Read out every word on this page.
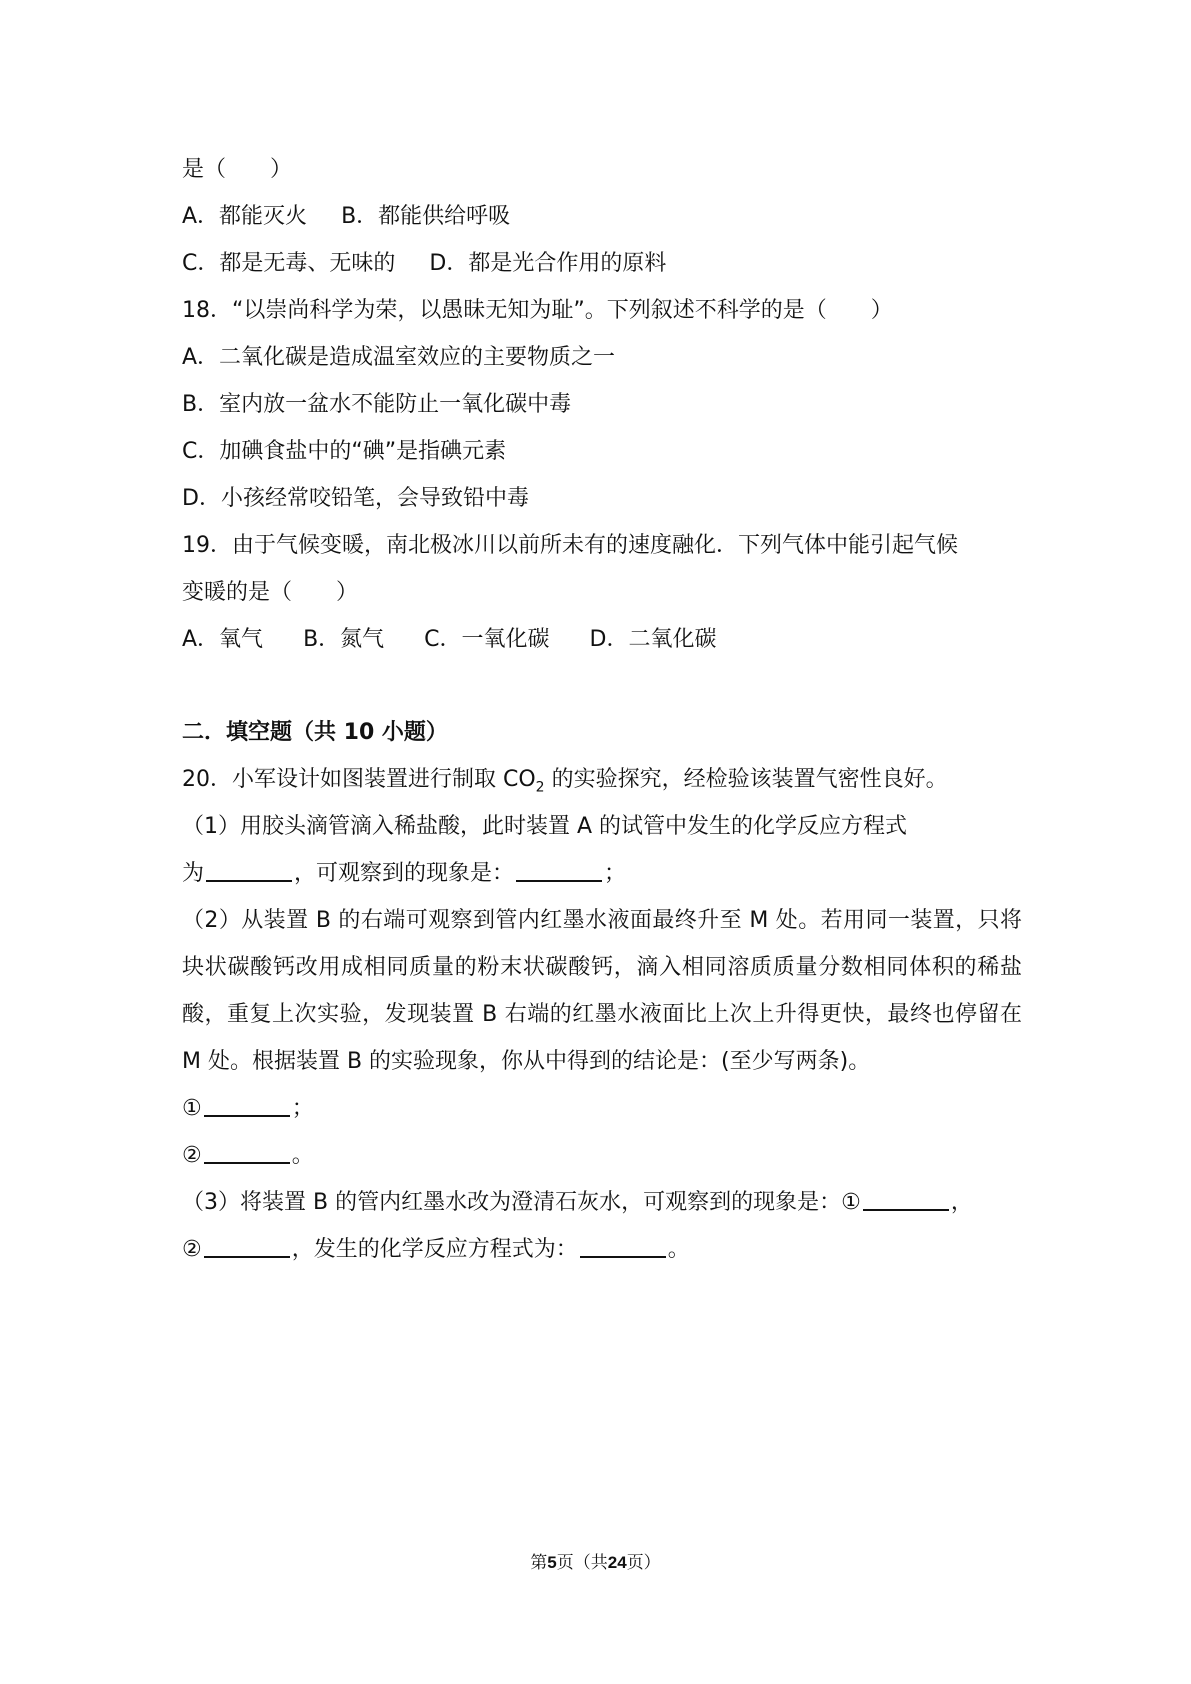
是（　　）
A．都能灭火 B．都能供给呼吸
C．都是无毒、无味的 D．都是光合作用的原料
18．“以崇尚科学为荣，以愚昧无知为耻”。下列叙述不科学的是（　　）
A．二氧化碳是造成温室效应的主要物质之一
B．室内放一盆水不能防止一氧化碳中毒
C．加碘食盐中的“碘”是指碘元素
D．小孩经常咬铅笔，会导致铅中毒
19．由于气候变暖，南北极冰川以前所未有的速度融化．下列气体中能引起气候
变暖的是（　　）
A．氧气 B．氮气 C．一氧化碳 D．二氧化碳
二．填空题（共 10 小题）
20．小军设计如图装置进行制取 $CO_2$ 的实验探究，经检验该装置气密性良好。
（1）用胶头滴管滴入稀盐酸，此时装置 A 的试管中发生的化学反应方程式
为	，可观察到的现象是：	；
（2）从装置 B 的右端可观察到管内红墨水液面最终升至 M 处。若用同一装置，只将块状碳酸钙改用成相同质量的粉末状碳酸钙，滴入相同溶质质量分数相同体积的稀盐酸，重复上次实验，发现装置 B 右端的红墨水液面比上次上升得更快，最终也停留在 M 处。根据装置 B 的实验现象，你从中得到的结论是：(至少写两条)。
①	；
②	。
（3）将装置 B 的管内红墨水改为澄清石灰水，可观察到的现象是：①	，
②	，发生的化学反应方程式为：	。
第5页（共24页）
